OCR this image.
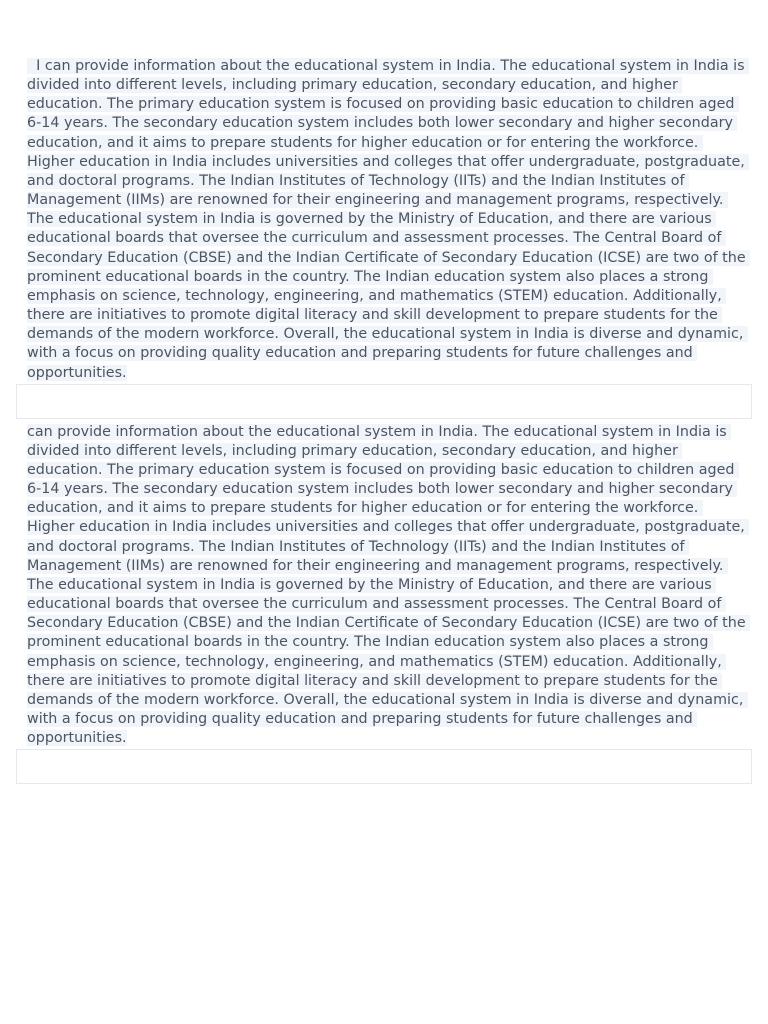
I can provide information about the educational system in India. The educational system in India is divided into different levels, including primary education, secondary education, and higher education. The primary education system is focused on providing basic education to children aged 6-14 years. The secondary education system includes both lower secondary and higher secondary education, and it aims to prepare students for higher education or for entering the workforce. Higher education in India includes universities and colleges that offer undergraduate, postgraduate, and doctoral programs. The Indian Institutes of Technology (IITs) and the Indian Institutes of Management (IIMs) are renowned for their engineering and management programs, respectively. The educational system in India is governed by the Ministry of Education, and there are various educational boards that oversee the curriculum and assessment processes. The Central Board of Secondary Education (CBSE) and the Indian Certificate of Secondary Education (ICSE) are two of the prominent educational boards in the country. The Indian education system also places a strong emphasis on science, technology, engineering, and mathematics (STEM) education. Additionally, there are initiatives to promote digital literacy and skill development to prepare students for the demands of the modern workforce. Overall, the educational system in India is diverse and dynamic, with a focus on providing quality education and preparing students for future challenges and opportunities.

can provide information about the educational system in India. The educational system in India is divided into different levels, including primary education, secondary education, and higher education. The primary education system is focused on providing basic education to children aged 6-14 years. The secondary education system includes both lower secondary and higher secondary education, and it aims to prepare students for higher education or for entering the workforce. Higher education in India includes universities and colleges that offer undergraduate, postgraduate, and doctoral programs. The Indian Institutes of Technology (IITs) and the Indian Institutes of Management (IIMs) are renowned for their engineering and management programs, respectively. The educational system in India is governed by the Ministry of Education, and there are various educational boards that oversee the curriculum and assessment processes. The Central Board of Secondary Education (CBSE) and the Indian Certificate of Secondary Education (ICSE) are two of the prominent educational boards in the country. The Indian education system also places a strong emphasis on science, technology, engineering, and mathematics (STEM) education. Additionally, there are initiatives to promote digital literacy and skill development to prepare students for the demands of the modern workforce. Overall, the educational system in India is diverse and dynamic, with a focus on providing quality education and preparing students for future challenges and opportunities.
